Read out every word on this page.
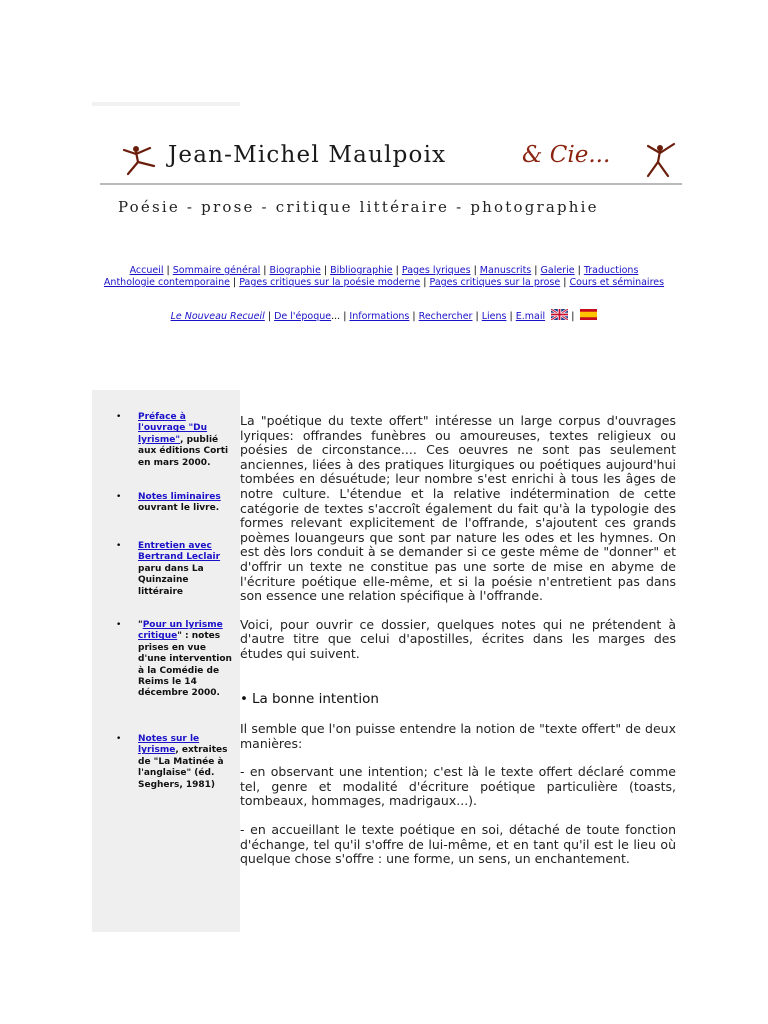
Jean-Michel Maulpoix	& Cie...
Poésie - prose - critique littéraire - photographie
Accueil | Sommaire général | Biographie | Bibliographie | Pages lyriques | Manuscrits | Galerie | Traductions
Anthologie contemporaine | Pages critiques sur la poésie moderne | Pages critiques sur la prose | Cours et séminaires
Le Nouveau Recueil | De l'époque... | Informations | Rechercher | Liens | E.mail	|
• Préface à l'ouvrage "Du lyrisme", publié aux éditions Corti en mars 2000.
• Notes liminaires ouvrant le livre.
• Entretien avec Bertrand Leclair paru dans La Quinzaine littéraire
• "Pour un lyrisme critique" : notes prises en vue d'une intervention à la Comédie de Reims le 14 décembre 2000.
• Notes sur le lyrisme, extraites de "La Matinée à l'anglaise" (éd. Seghers, 1981)

La "poétique du texte offert" intéresse un large corpus d'ouvrages lyriques: offrandes funèbres ou amoureuses, textes religieux ou poésies de circonstance.... Ces oeuvres ne sont pas seulement anciennes, liées à des pratiques liturgiques ou poétiques aujourd'hui tombées en désuétude; leur nombre s'est enrichi à tous les âges de notre culture. L'étendue et la relative indétermination de cette catégorie de textes s'accroît également du fait qu'à la typologie des formes relevant explicitement de l'offrande, s'ajoutent ces grands poèmes louangeurs que sont par nature les odes et les hymnes. On est dès lors conduit à se demander si ce geste même de "donner" et d'offrir un texte ne constitue pas une sorte de mise en abyme de l'écriture poétique elle-même, et si la poésie n'entretient pas dans son essence une relation spécifique à l'offrande.

Voici, pour ouvrir ce dossier, quelques notes qui ne prétendent à d'autre titre que celui d'apostilles, écrites dans les marges des études qui suivent.

• La bonne intention

Il semble que l'on puisse entendre la notion de "texte offert" de deux manières:

- en observant une intention; c'est là le texte offert déclaré comme tel, genre et modalité d'écriture poétique particulière (toasts, tombeaux, hommages, madrigaux...).

- en accueillant le texte poétique en soi, détaché de toute fonction d'échange, tel qu'il s'offre de lui-même, et en tant qu'il est le lieu où quelque chose s'offre : une forme, un sens, un enchantement.
